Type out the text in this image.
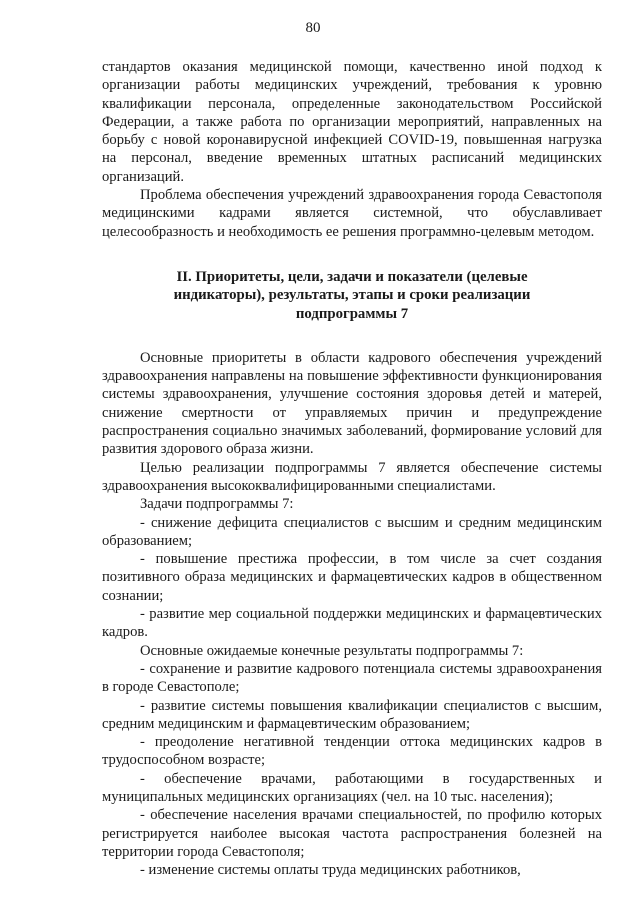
80

стандартов оказания медицинской помощи, качественно иной подход к организации работы медицинских учреждений, требования к уровню квалификации персонала, определенные законодательством Российской Федерации, а также работа по организации мероприятий, направленных на борьбу с новой коронавирусной инфекцией COVID-19, повышенная нагрузка на персонал, введение временных штатных расписаний медицинских организаций.

Проблема обеспечения учреждений здравоохранения города Севастополя медицинскими кадрами является системной, что обуславливает целесообразность и необходимость ее решения программно-целевым методом.

II. Приоритеты, цели, задачи и показатели (целевые индикаторы), результаты, этапы и сроки реализации подпрограммы 7

Основные приоритеты в области кадрового обеспечения учреждений здравоохранения направлены на повышение эффективности функционирования системы здравоохранения, улучшение состояния здоровья детей и матерей, снижение смертности от управляемых причин и предупреждение распространения социально значимых заболеваний, формирование условий для развития здорового образа жизни.

Целью реализации подпрограммы 7 является обеспечение системы здравоохранения высококвалифицированными специалистами.

Задачи подпрограммы 7:

- снижение дефицита специалистов с высшим и средним медицинским образованием;

- повышение престижа профессии, в том числе за счет создания позитивного образа медицинских и фармацевтических кадров в общественном сознании;

- развитие мер социальной поддержки медицинских и фармацевтических кадров.

Основные ожидаемые конечные результаты подпрограммы 7:

- сохранение и развитие кадрового потенциала системы здравоохранения в городе Севастополе;

- развитие системы повышения квалификации специалистов с высшим, средним медицинским и фармацевтическим образованием;

- преодоление негативной тенденции оттока медицинских кадров в трудоспособном возрасте;

- обеспечение врачами, работающими в государственных и муниципальных медицинских организациях (чел. на 10 тыс. населения);

- обеспечение населения врачами специальностей, по профилю которых регистрируется наиболее высокая частота распространения болезней на территории города Севастополя;

- изменение системы оплаты труда медицинских работников,
